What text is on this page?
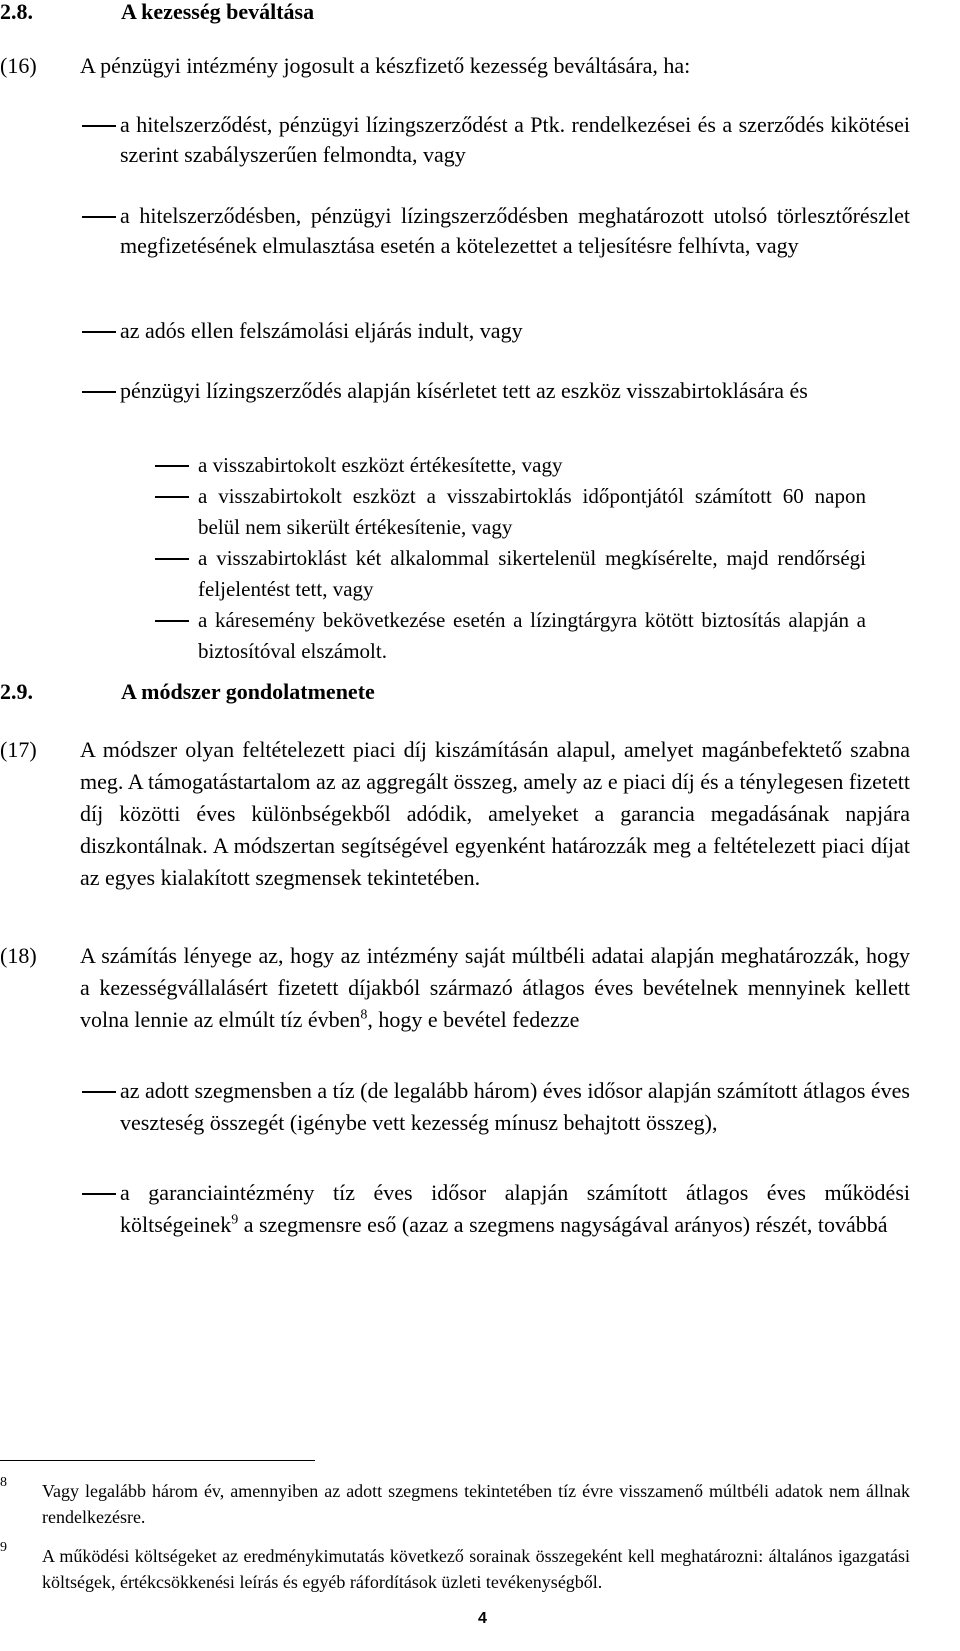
2.8.	A kezesség beváltása
(16) A pénzügyi intézmény jogosult a készfizető kezesség beváltására, ha:
a hitelszerződést, pénzügyi lízingszerződést a Ptk. rendelkezései és a szerződés kikötései szerint szabályszerűen felmondta, vagy
a hitelszerződésben, pénzügyi lízingszerződésben meghatározott utolsó törlesztőrészlet megfizetésének elmulasztása esetén a kötelezettet a teljesítésre felhívta, vagy
az adós ellen felszámolási eljárás indult, vagy
pénzügyi lízingszerződés alapján kísérletet tett az eszköz visszabirtoklására és
a visszabirtokolt eszközt értékesítette, vagy
a visszabirtokolt eszközt a visszabirtoklás időpontjától számított 60 napon belül nem sikerült értékesítenie, vagy
a visszabirtoklást két alkalommal sikertelenül megkísérelte, majd rendőrségi feljelentést tett, vagy
a káresemény bekövetkezése esetén a lízingtárgyra kötött biztosítás alapján a biztosítóval elszámolt.
2.9.	A módszer gondolatmenete
(17) A módszer olyan feltételezett piaci díj kiszámításán alapul, amelyet magánbefektető szabna meg. A támogatástartalom az az aggregált összeg, amely az e piaci díj és a ténylegesen fizetett díj közötti éves különbségekből adódik, amelyeket a garancia megadásának napjára diszkontálnak. A módszertan segítségével egyenként határozzák meg a feltételezett piaci díjat az egyes kialakított szegmensek tekintetében.
(18) A számítás lényege az, hogy az intézmény saját múltbéli adatai alapján meghatározzák, hogy a kezességvállalásért fizetett díjakból származó átlagos éves bevételnek mennyinek kellett volna lennie az elmúlt tíz évben$^8$, hogy e bevétel fedezze
az adott szegmensben a tíz (de legalább három) éves idősor alapján számított átlagos éves veszteség összegét (igénybe vett kezesség mínusz behajtott összeg),
a garanciaintézmény tíz éves idősor alapján számított átlagos éves működési költségeinek$^9$ a szegmensre eső (azaz a szegmens nagyságával arányos) részét, továbbá
8 Vagy legalább három év, amennyiben az adott szegmens tekintetében tíz évre visszamenő múltbéli adatok nem állnak rendelkezésre.
9 A működési költségeket az eredménykimutatás következő sorainak összegeként kell meghatározni: általános igazgatási költségek, értékcsökkenési leírás és egyéb ráfordítások üzleti tevékenységből.
4
